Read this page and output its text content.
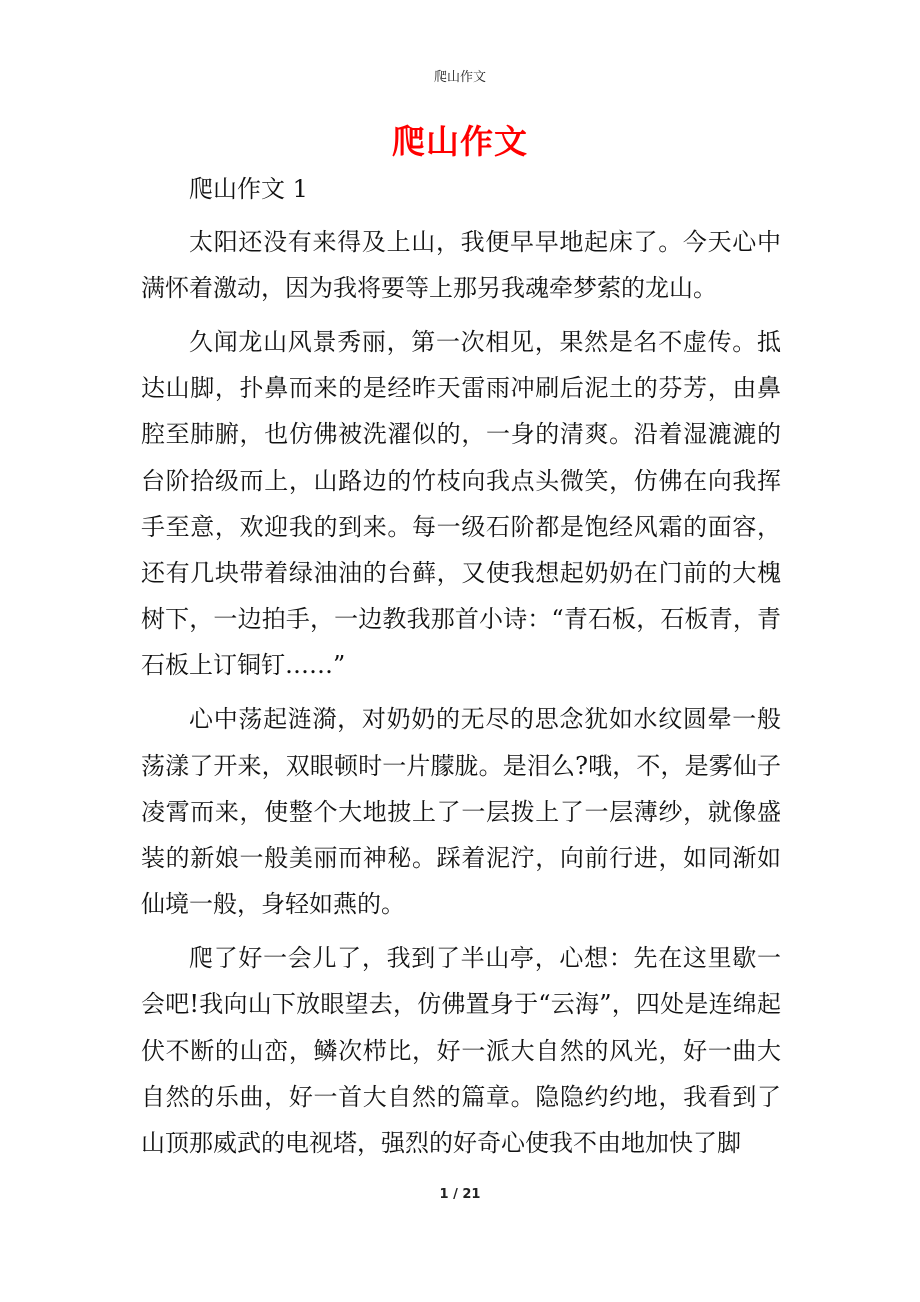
爬山作文
爬山作文

爬山作文 1

太阳还没有来得及上山，我便早早地起床了。今天心中满怀着激动，因为我将要等上那另我魂牵梦萦的龙山。

久闻龙山风景秀丽，第一次相见，果然是名不虚传。抵达山脚，扑鼻而来的是经昨天雷雨冲刷后泥土的芬芳，由鼻腔至肺腑，也仿佛被洗濯似的，一身的清爽。沿着湿漉漉的台阶拾级而上，山路边的竹枝向我点头微笑，仿佛在向我挥手至意，欢迎我的到来。每一级石阶都是饱经风霜的面容，还有几块带着绿油油的台藓，又使我想起奶奶在门前的大槐树下，一边拍手，一边教我那首小诗：“青石板，石板青，青石板上订铜钉……”

心中荡起涟漪，对奶奶的无尽的思念犹如水纹圆晕一般荡漾了开来，双眼顿时一片朦胧。是泪么?哦，不，是雾仙子凌霄而来，使整个大地披上了一层拨上了一层薄纱，就像盛装的新娘一般美丽而神秘。踩着泥泞，向前行进，如同渐如仙境一般，身轻如燕的。

爬了好一会儿了，我到了半山亭，心想：先在这里歇一会吧!我向山下放眼望去，仿佛置身于“云海”，四处是连绵起伏不断的山峦，鳞次栉比，好一派大自然的风光，好一曲大自然的乐曲，好一首大自然的篇章。隐隐约约地，我看到了山顶那威武的电视塔，强烈的好奇心使我不由地加快了脚

1 / 21
